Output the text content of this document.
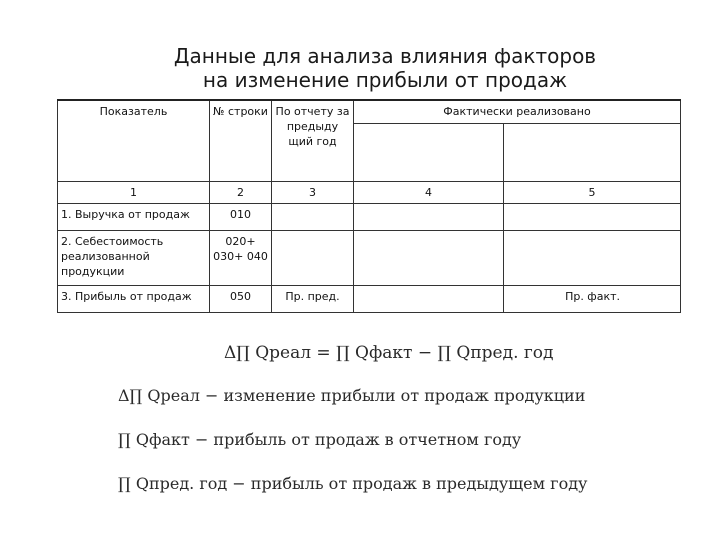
Данные для анализа влияния факторов
на изменение прибыли от продаж
Показатель	№ строки	По отчету за предыду щий год	Фактически реализовано	

1	2	3	4	5
1. Выручка от продаж	010			
2. Себестоимость реализованной продукции	020+ 030+ 040			
3. Прибыль от продаж	050	Пр. пред.		Пр. факт.
Δ∏ Qреал = ∏ Qфакт − ∏ Qпред. год
Δ∏ Qреал − изменение прибыли от продаж продукции
∏ Qфакт − прибыль от продаж в отчетном году
∏ Qпред. год − прибыль от продаж в предыдущем году
